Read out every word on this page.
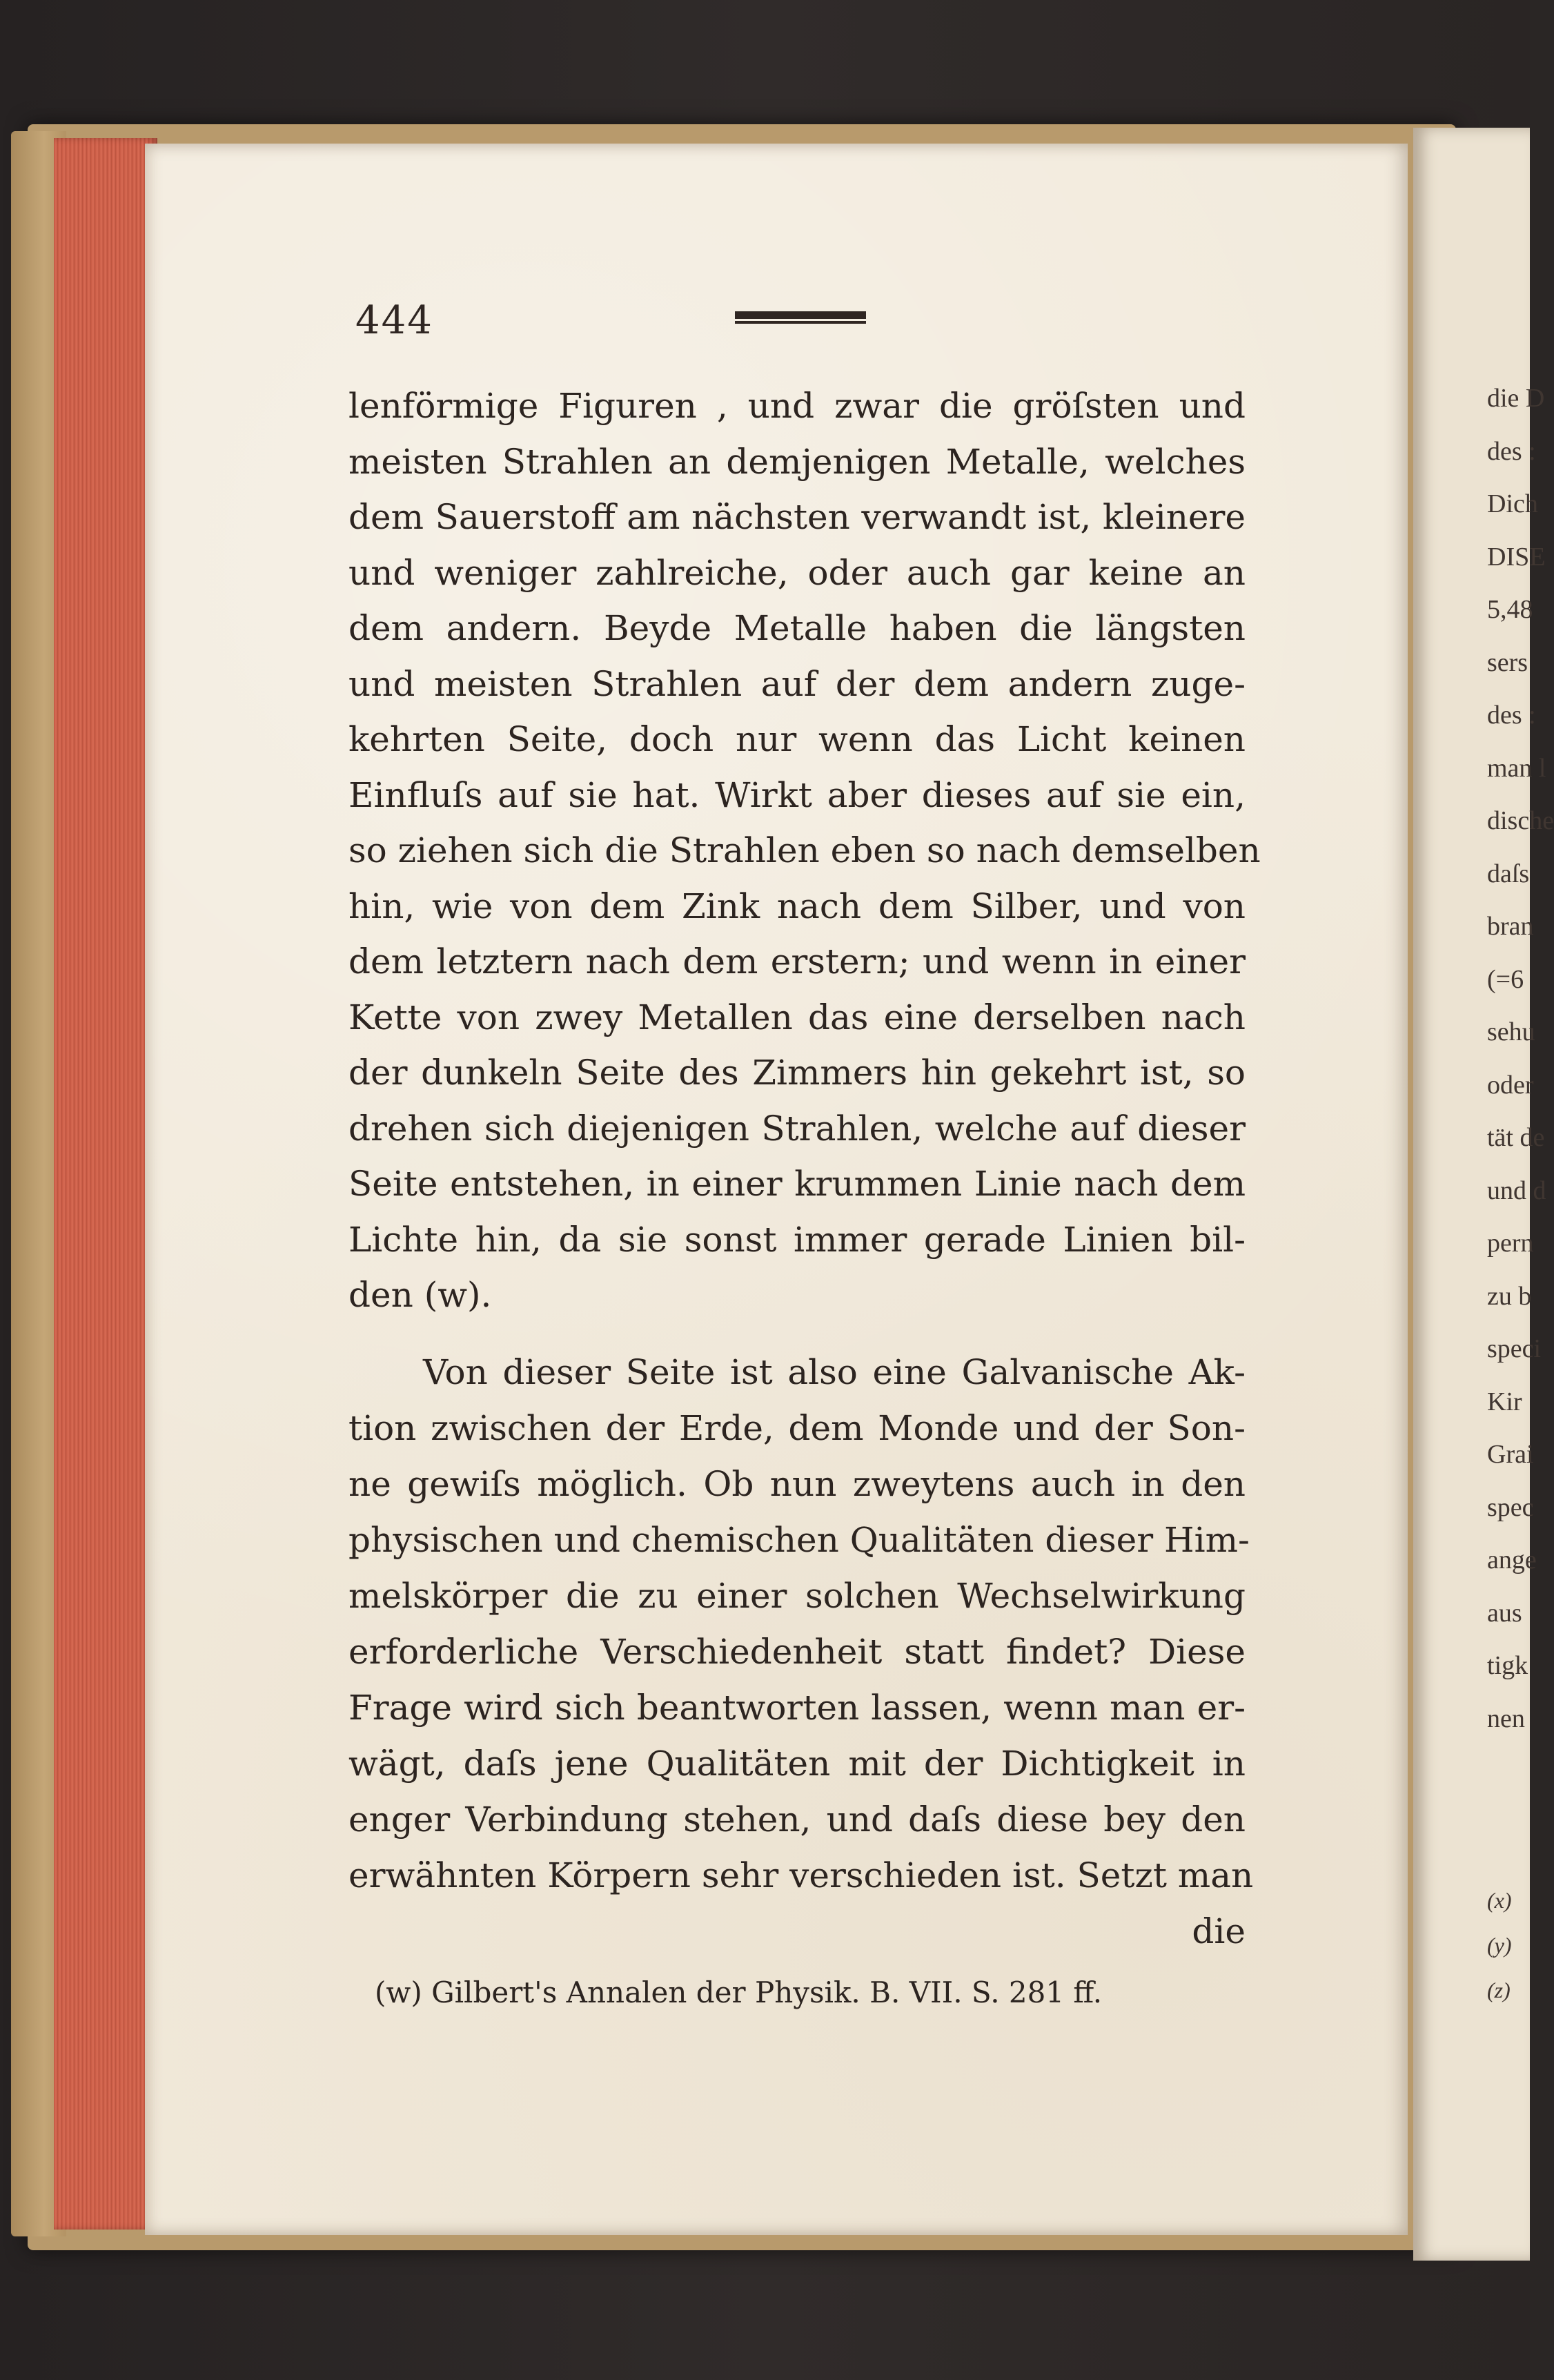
444
lenförmige Figuren , und zwar die gröſsten und
meisten Strahlen an demjenigen Metalle, welches
dem Sauerstoff am nächsten verwandt ist, kleinere
und weniger zahlreiche, oder auch gar keine an
dem andern. Beyde Metalle haben die längsten
und meisten Strahlen auf der dem andern zuge-
kehrten Seite, doch nur wenn das Licht keinen
Einfluſs auf sie hat. Wirkt aber dieses auf sie ein,
so ziehen sich die Strahlen eben so nach demselben
hin, wie von dem Zink nach dem Silber, und von
dem letztern nach dem erstern; und wenn in einer
Kette von zwey Metallen das eine derselben nach
der dunkeln Seite des Zimmers hin gekehrt ist, so
drehen sich diejenigen Strahlen, welche auf dieser
Seite entstehen, in einer krummen Linie nach dem
Lichte hin, da sie sonst immer gerade Linien bil-
den (w).
Von dieser Seite ist also eine Galvanische Ak-
tion zwischen der Erde, dem Monde und der Son-
ne gewiſs möglich. Ob nun zweytens auch in den
physischen und chemischen Qualitäten dieser Him-
melskörper die zu einer solchen Wechselwirkung
erforderliche Verschiedenheit statt findet? Diese
Frage wird sich beantworten lassen, wenn man er-
wägt, daſs jene Qualitäten mit der Dichtigkeit in
enger Verbindung stehen, und daſs diese bey den
erwähnten Körpern sehr verschieden ist. Setzt man
die
(w) Gilbert's Annalen der Physik. B. VII. S. 281 ff.
die D
des :
Dich
DISE
5,48
sers
des :
man l
dische
daſs
bran
(=6
sehu
oder
tät de
und d
pern
zu b
speci
Kir
Grai
spec
ange
aus
tigk
nen
(x)
(y)
(z)
